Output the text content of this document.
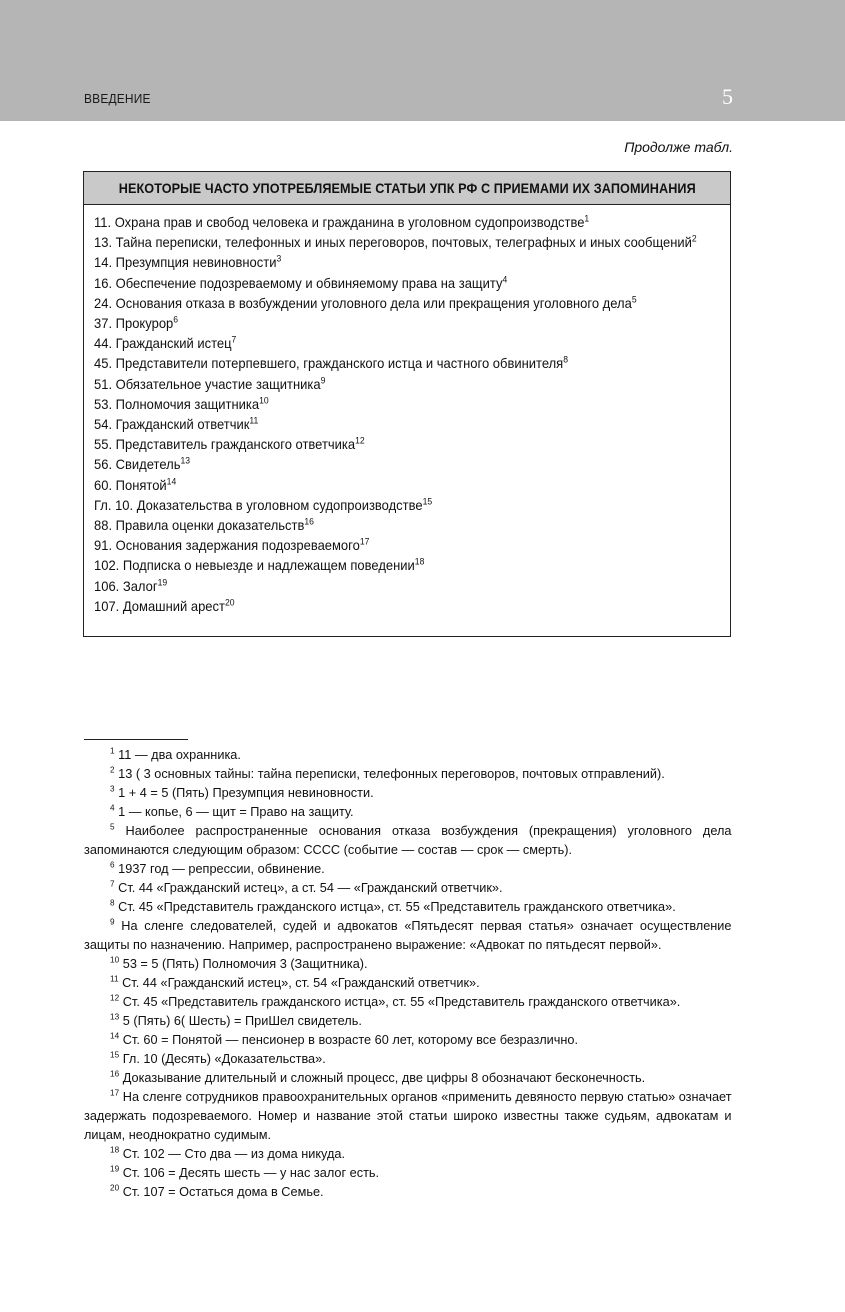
ВВЕДЕНИЕ	5
Продолже табл.
НЕКОТОРЫЕ ЧАСТО УПОТРЕБЛЯЕМЫЕ СТАТЬИ УПК РФ С ПРИЕМАМИ ИХ ЗАПОМИНАНИЯ
11. Охрана прав и свобод человека и гражданина в уголовном судопроизводстве$^1$
13. Тайна переписки, телефонных и иных переговоров, почтовых, телеграфных и иных сообщений$^2$
14. Презумпция невиновности$^3$
16. Обеспечение подозреваемому и обвиняемому права на защиту$^4$
24. Основания отказа в возбуждении уголовного дела или прекращения уголовного дела$^5$
37. Прокурор$^6$
44. Гражданский истец$^7$
45. Представители потерпевшего, гражданского истца и частного обвинителя$^8$
51. Обязательное участие защитника$^9$
53. Полномочия защитника$^{10}$
54. Гражданский ответчик$^{11}$
55. Представитель гражданского ответчика$^{12}$
56. Свидетель$^{13}$
60. Понятой$^{14}$
Гл. 10. Доказательства в уголовном судопроизводстве$^{15}$
88. Правила оценки доказательств$^{16}$
91. Основания задержания подозреваемого$^{17}$
102. Подписка о невыезде и надлежащем поведении$^{18}$
106. Залог$^{19}$
107. Домашний арест$^{20}$
$^1$ 11 — два охранника.
$^2$ 13 ( 3 основных тайны: тайна переписки, телефонных переговоров, почтовых отправлений).
$^3$ 1 + 4 = 5 (Пять) Презумпция невиновности.
$^4$ 1 — копье, 6 — щит = Право на защиту.
$^5$ Наиболее распространенные основания отказа возбуждения (прекращения) уголовного дела запоминаются следующим образом: СССС (событие — состав — срок — смерть).
$^6$ 1937 год — репрессии, обвинение.
$^7$ Ст. 44 «Гражданский истец», а ст. 54 — «Гражданский ответчик».
$^8$ Ст. 45 «Представитель гражданского истца», ст. 55 «Представитель гражданского ответчика».
$^9$ На сленге следователей, судей и адвокатов «Пятьдесят первая статья» означает осуществление защиты по назначению. Например, распространено выражение: «Адвокат по пятьдесят первой».
$^{10}$ 53 = 5 (Пять) Полномочия 3 (Защитника).
$^{11}$ Ст. 44 «Гражданский истец», ст. 54 «Гражданский ответчик».
$^{12}$ Ст. 45 «Представитель гражданского истца», ст. 55 «Представитель гражданского ответчика».
$^{13}$ 5 (Пять) 6( Шесть) = ПриШел свидетель.
$^{14}$ Ст. 60 = Понятой — пенсионер в возрасте 60 лет, которому все безразлично.
$^{15}$ Гл. 10 (Десять) «Доказательства».
$^{16}$ Доказывание длительный и сложный процесс, две цифры 8 обозначают бесконечность.
$^{17}$ На сленге сотрудников правоохранительных органов «применить девяносто первую статью» означает задержать подозреваемого. Номер и название этой статьи широко известны также судьям, адвокатам и лицам, неоднократно судимым.
$^{18}$ Ст. 102 — Сто два — из дома никуда.
$^{19}$ Ст. 106 = Десять шесть — у нас залог есть.
$^{20}$ Ст. 107 = Остаться дома в Семье.
